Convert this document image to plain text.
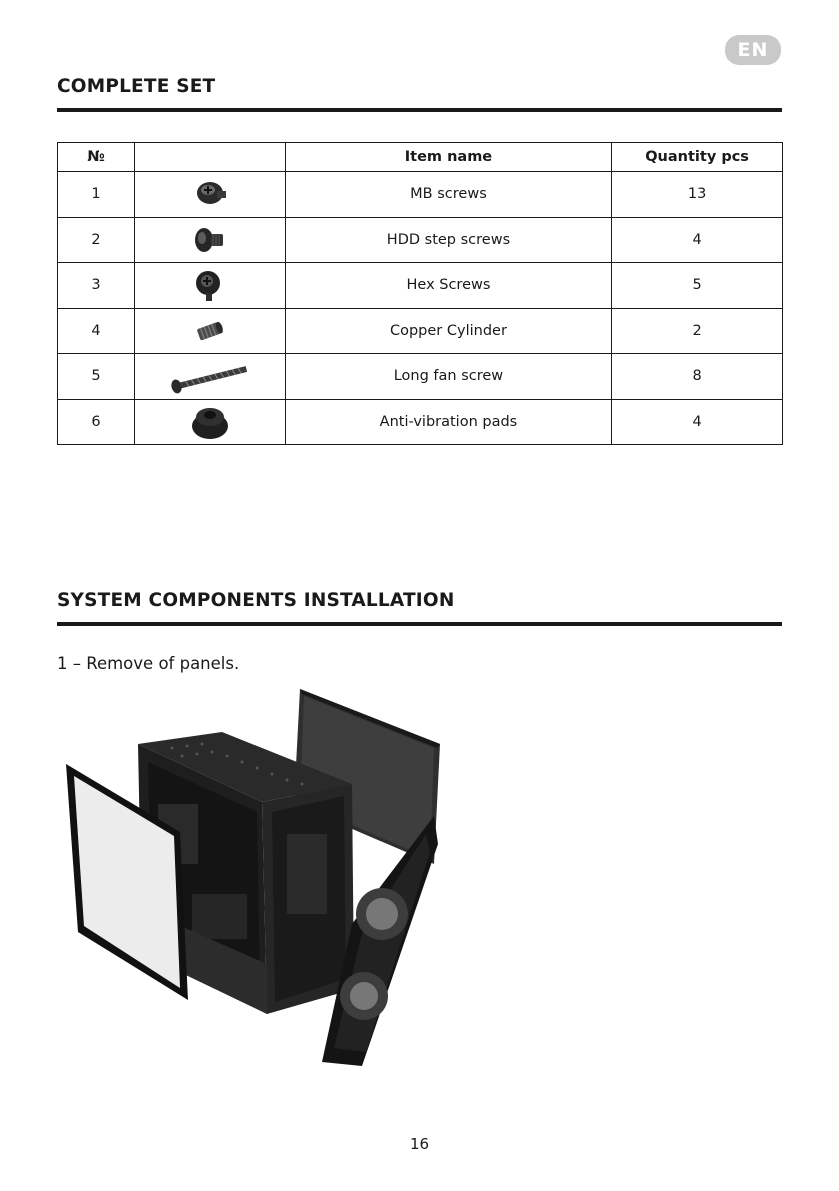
EN
COMPLETE SET
№		Item name	Quantity pcs
1		MB screws	13
2		HDD step screws	4
3		Hex Screws	5
4		Copper Cylinder	2
5		Long fan screw	8
6		Anti-vibration pads	4
SYSTEM COMPONENTS INSTALLATION
1 – Remove of panels.
16
